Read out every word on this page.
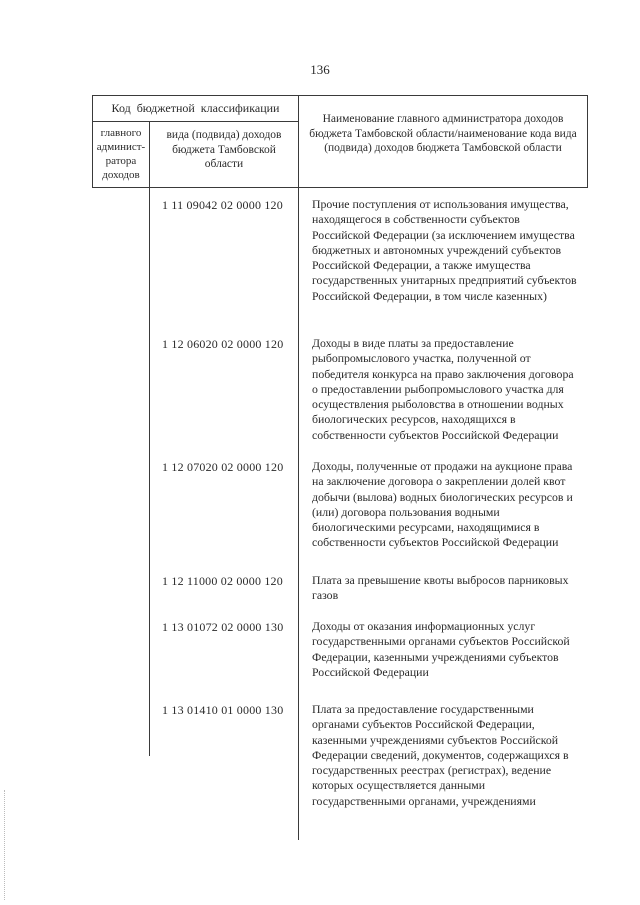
136
Код бюджетной классификации
главного админист-ратора доходов
вида (подвида) доходов бюджета Тамбовской области
Наименование главного администратора доходов бюджета Тамбовской области/наименование кода вида (подвида) доходов бюджета Тамбовской области
1 11 09042 02 0000 120 Прочие поступления от использования имущества, находящегося в собственности субъектов Российской Федерации (за исключением имущества бюджетных и автономных учреждений субъектов Российской Федерации, а также имущества государственных унитарных предприятий субъектов Российской Федерации, в том числе казенных)
1 12 06020 02 0000 120 Доходы в виде платы за предоставление рыбопромыслового участка, полученной от победителя конкурса на право заключения договора о предоставлении рыбопромыслового участка для осуществления рыболовства в отношении водных биологических ресурсов, находящихся в собственности субъектов Российской Федерации
1 12 07020 02 0000 120 Доходы, полученные от продажи на аукционе права на заключение договора о закреплении долей квот добычи (вылова) водных биологических ресурсов и (или) договора пользования водными биологическими ресурсами, находящимися в собственности субъектов Российской Федерации
1 12 11000 02 0000 120 Плата за превышение квоты выбросов парниковых газов
1 13 01072 02 0000 130 Доходы от оказания информационных услуг государственными органами субъектов Российской Федерации, казенными учреждениями субъектов Российской Федерации
1 13 01410 01 0000 130 Плата за предоставление государственными органами субъектов Российской Федерации, казенными учреждениями субъектов Российской Федерации сведений, документов, содержащихся в государственных реестрах (регистрах), ведение которых осуществляется данными государственными органами, учреждениями
